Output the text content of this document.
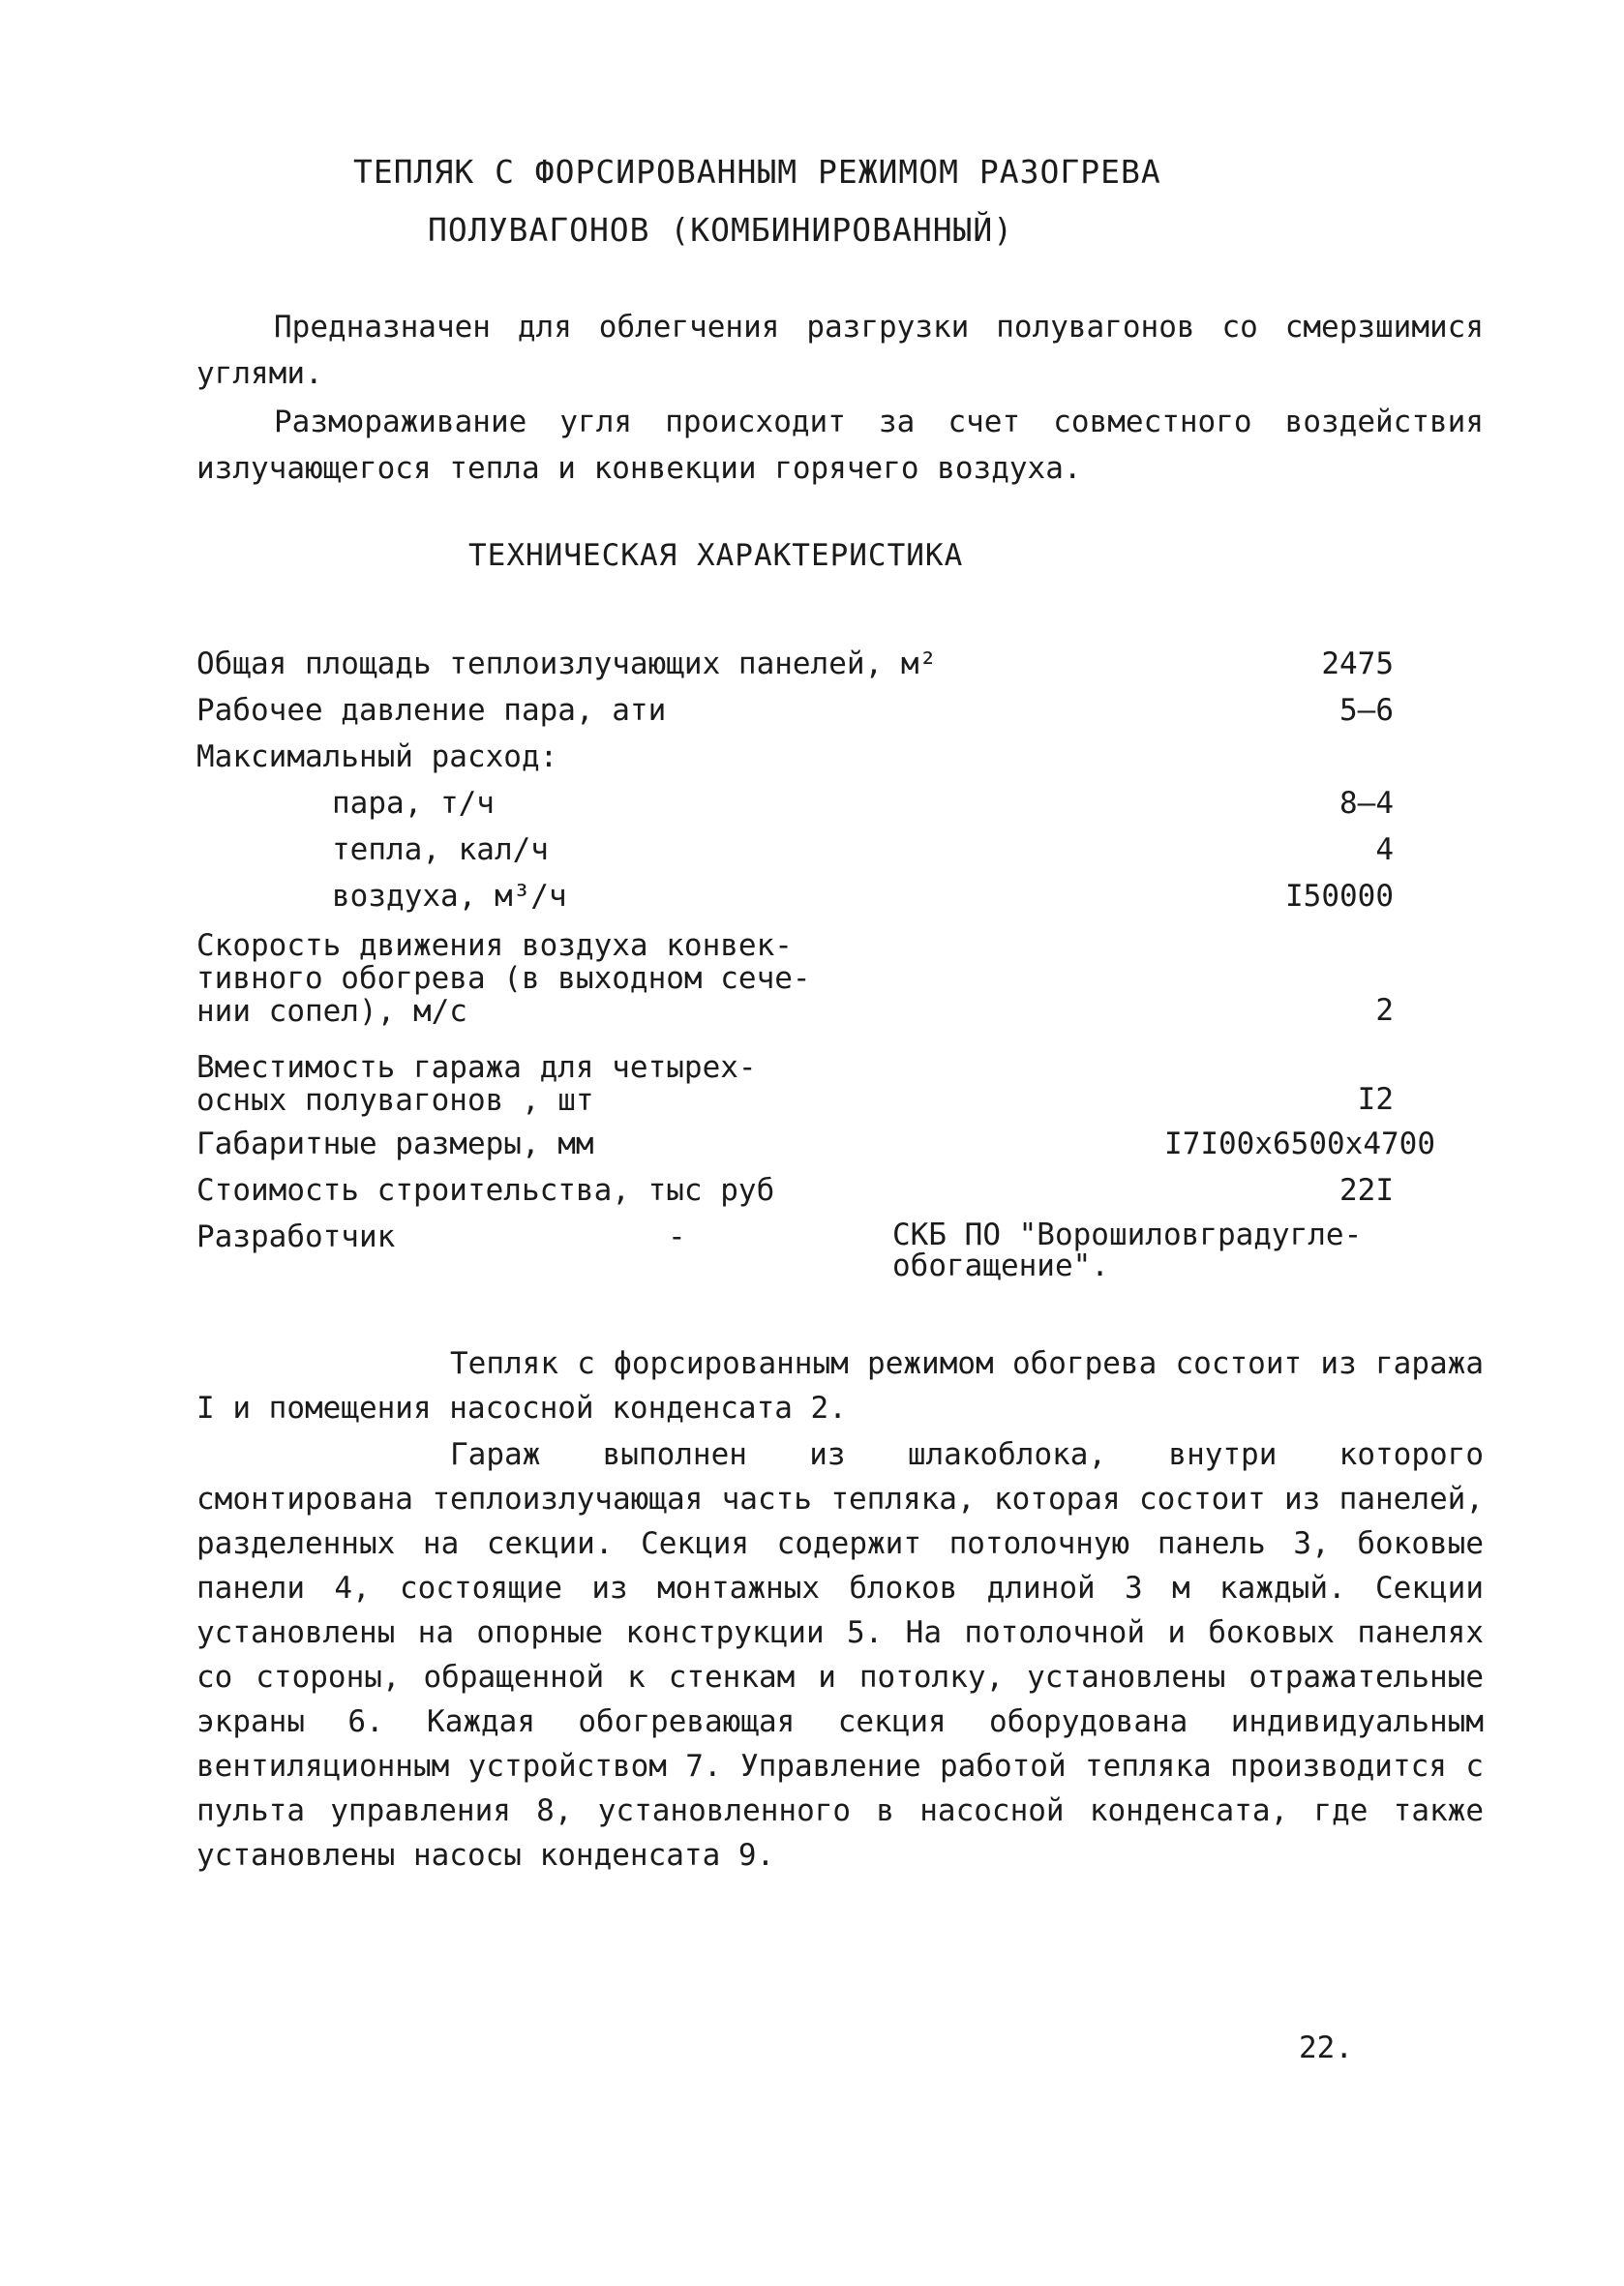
ТЕПЛЯК С ФОРСИРОВАННЫМ РЕЖИМОМ РАЗОГРЕВА
ПОЛУВАГОНОВ (КОМБИНИРОВАННЫЙ)
Предназначен для облегчения разгрузки полувагонов со смерзшимися углями.
Размораживание угля происходит за счет совместного воздействия излучающегося тепла и конвекции горячего воздуха.
ТЕХНИЧЕСКАЯ ХАРАКТЕРИСТИКА
Общая площадь теплоизлучающих панелей, м²	2475
Рабочее давление пара, ати	5–6
Максимальный расход:
пара, т/ч	8–4
тепла, кал/ч	4
воздуха, м³/ч	I50000
Скорость движения воздуха конвек-
тивного обогрева (в выходном сече-
нии сопел), м/с	2
Вместимость гаража для четырех-
осных полувагонов , шт	I2
Габаритные размеры, мм	I7I00х6500х4700
Стоимость строительства, тыс руб	22I
Разработчик	-	СКБ ПО "Ворошиловградугле-
обогащение".
Тепляк с форсированным режимом обогрева состоит из гаража I и помещения насосной конденсата 2.
Гараж выполнен из шлакоблока, внутри которого смонтирована теплоизлучающая часть тепляка, которая состоит из панелей, разделенных на секции. Секция содержит потолочную панель 3, боковые панели 4, состоящие из монтажных блоков длиной 3 м каждый. Секции установлены на опорные конструкции 5. На потолочной и боковых панелях со стороны, обращенной к стенкам и потолку, установлены отражательные экраны 6. Каждая обогревающая секция оборудована индивидуальным вентиляционным устройством 7. Управление работой тепляка производится с пульта управления 8, установленного в насосной конденсата, где также установлены насосы конденсата 9.
22.
